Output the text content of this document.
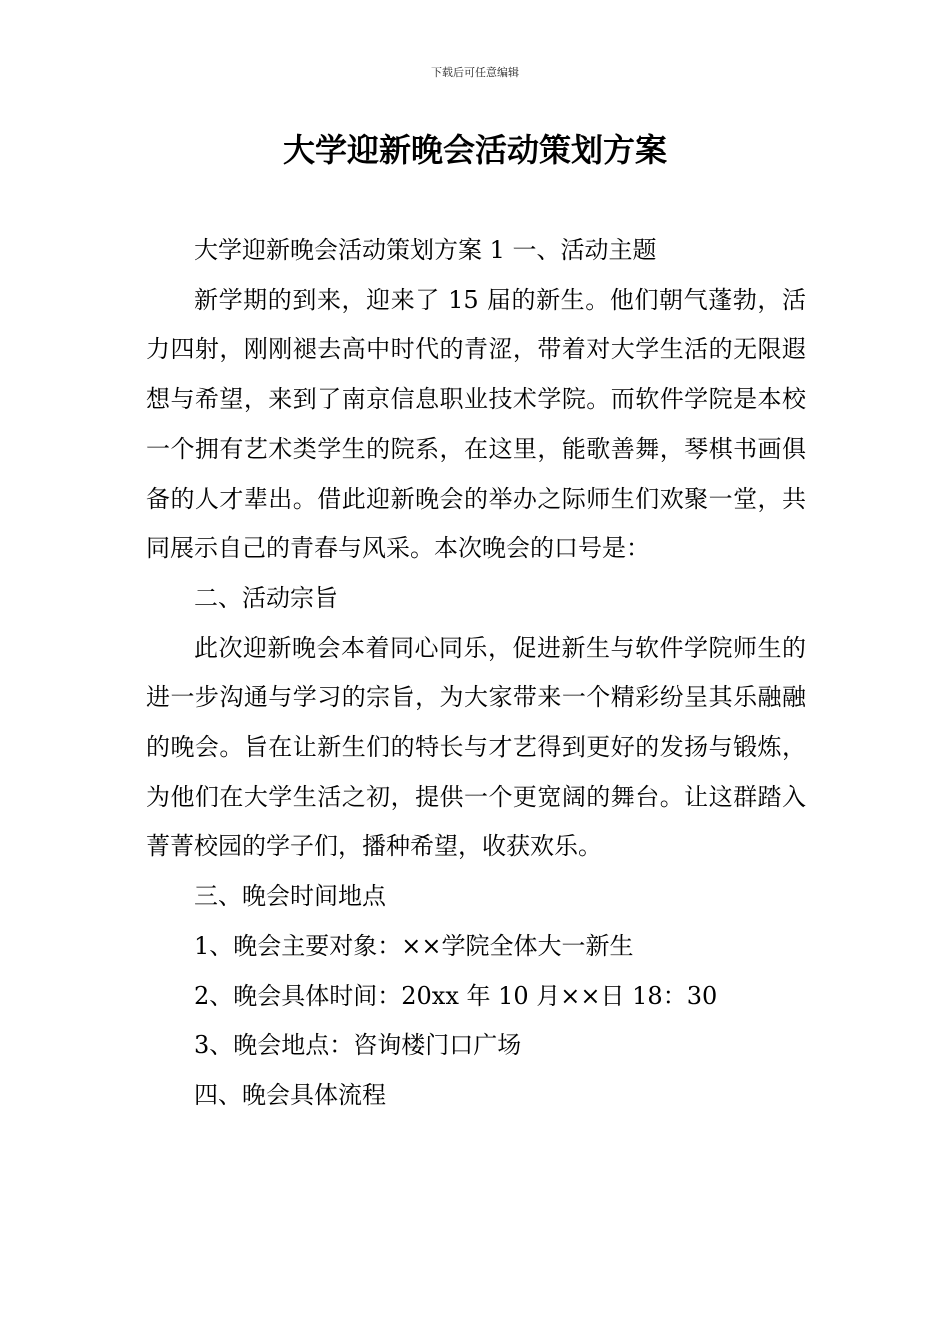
下载后可任意编辑
大学迎新晚会活动策划方案

大学迎新晚会活动策划方案 1 一、活动主题

新学期的到来，迎来了 15 届的新生。他们朝气蓬勃，活力四射，刚刚褪去高中时代的青涩，带着对大学生活的无限遐想与希望，来到了南京信息职业技术学院。而软件学院是本校一个拥有艺术类学生的院系，在这里，能歌善舞，琴棋书画俱备的人才辈出。借此迎新晚会的举办之际师生们欢聚一堂，共同展示自己的青春与风采。本次晚会的口号是：

二、活动宗旨

此次迎新晚会本着同心同乐，促进新生与软件学院师生的进一步沟通与学习的宗旨，为大家带来一个精彩纷呈其乐融融的晚会。旨在让新生们的特长与才艺得到更好的发扬与锻炼，为他们在大学生活之初，提供一个更宽阔的舞台。让这群踏入菁菁校园的学子们，播种希望，收获欢乐。

三、晚会时间地点

1、晚会主要对象：××学院全体大一新生

2、晚会具体时间：20xx 年 10 月××日 18：30

3、晚会地点：咨询楼门口广场

四、晚会具体流程
